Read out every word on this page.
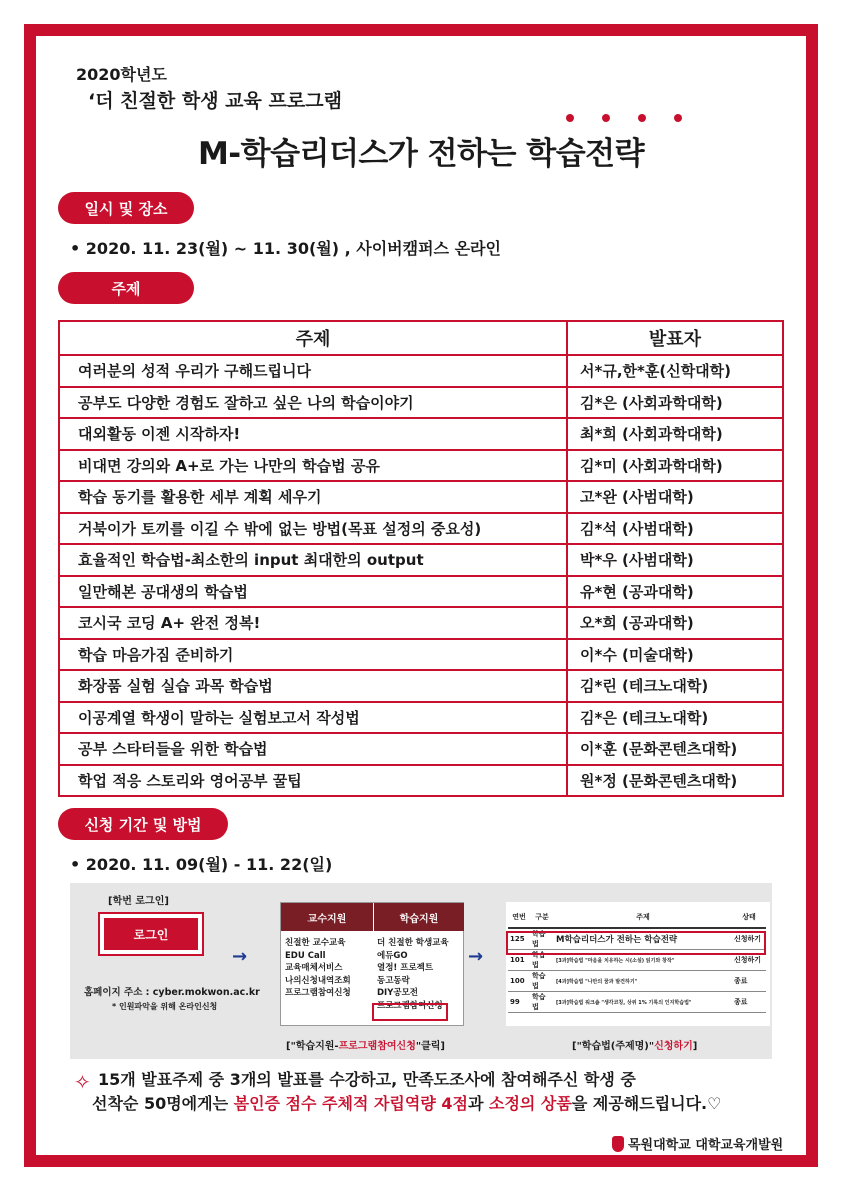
2020학년도
‘더 친절한 학생 교육 프로그램
M-학습리더스가 전하는 학습전략
일시 및 장소
• 2020. 11. 23(월) ~ 11. 30(월) , 사이버캠퍼스 온라인
주제
주제	발표자
여러분의 성적 우리가 구해드립니다	서*규,한*훈(신학대학)
공부도 다양한 경험도 잘하고 싶은 나의 학습이야기	김*은 (사회과학대학)
대외활동 이젠 시작하자!	최*희 (사회과학대학)
비대면 강의와 A+로 가는 나만의 학습법 공유	김*미 (사회과학대학)
학습 동기를 활용한 세부 계획 세우기	고*완 (사범대학)
거북이가 토끼를 이길 수 밖에 없는 방법(목표 설정의 중요성)	김*석 (사범대학)
효율적인 학습법-최소한의 input 최대한의 output	박*우 (사범대학)
일만해본 공대생의 학습법	유*현 (공과대학)
코시국 코딩 A+ 완전 정복!	오*희 (공과대학)
학습 마음가짐 준비하기	이*수 (미술대학)
화장품 실험 실습 과목 학습법	김*린 (테크노대학)
이공계열 학생이 말하는 실험보고서 작성법	김*은 (테크노대학)
공부 스타터들을 위한 학습법	이*훈 (문화콘텐츠대학)
학업 적응 스토리와 영어공부 꿀팁	원*정 (문화콘텐츠대학)
신청 기간 및 방법
• 2020. 11. 09(월) - 11. 22(일)
[학번 로그인]
로그인
홈페이지 주소 : cyber.mokwon.ac.kr
* 인원파악을 위해 온라인신청
→
교수지원	학습지원
친절한 교수교육
EDU Call
교육매체서비스
나의신청내역조회
프로그램참여신청
더 친절한 학생교육
에듀GO
열정! 프로젝트
동고동락
DIY공모전
프로그램참여신청
["학습지원-프로그램참여신청"클릭]
→
연번	구분	주제	상태
125	학습법	M학습리더스가 전하는 학습전략	신청하기
101	학습법	[3과]학습법 "마음을 치유하는 시(소설) 읽기와 창작"	신청하기
100	학습법	[4과]학습법 "나만의 꿈과 발견하기"	종료
99	학습법	[3과]학습법 워크숍 "생각코칭, 상위 1% 기록의 인지학습법"	종료
["학습법(주제명)"신청하기]
✧ 15개 발표주제 중 3개의 발표를 수강하고, 만족도조사에 참여해주신 학생 중
선착순 50명에게는 봄인증 점수 주체적 자립역량 4점과 소정의 상품을 제공해드립니다.♡
목원대학교 대학교육개발원
